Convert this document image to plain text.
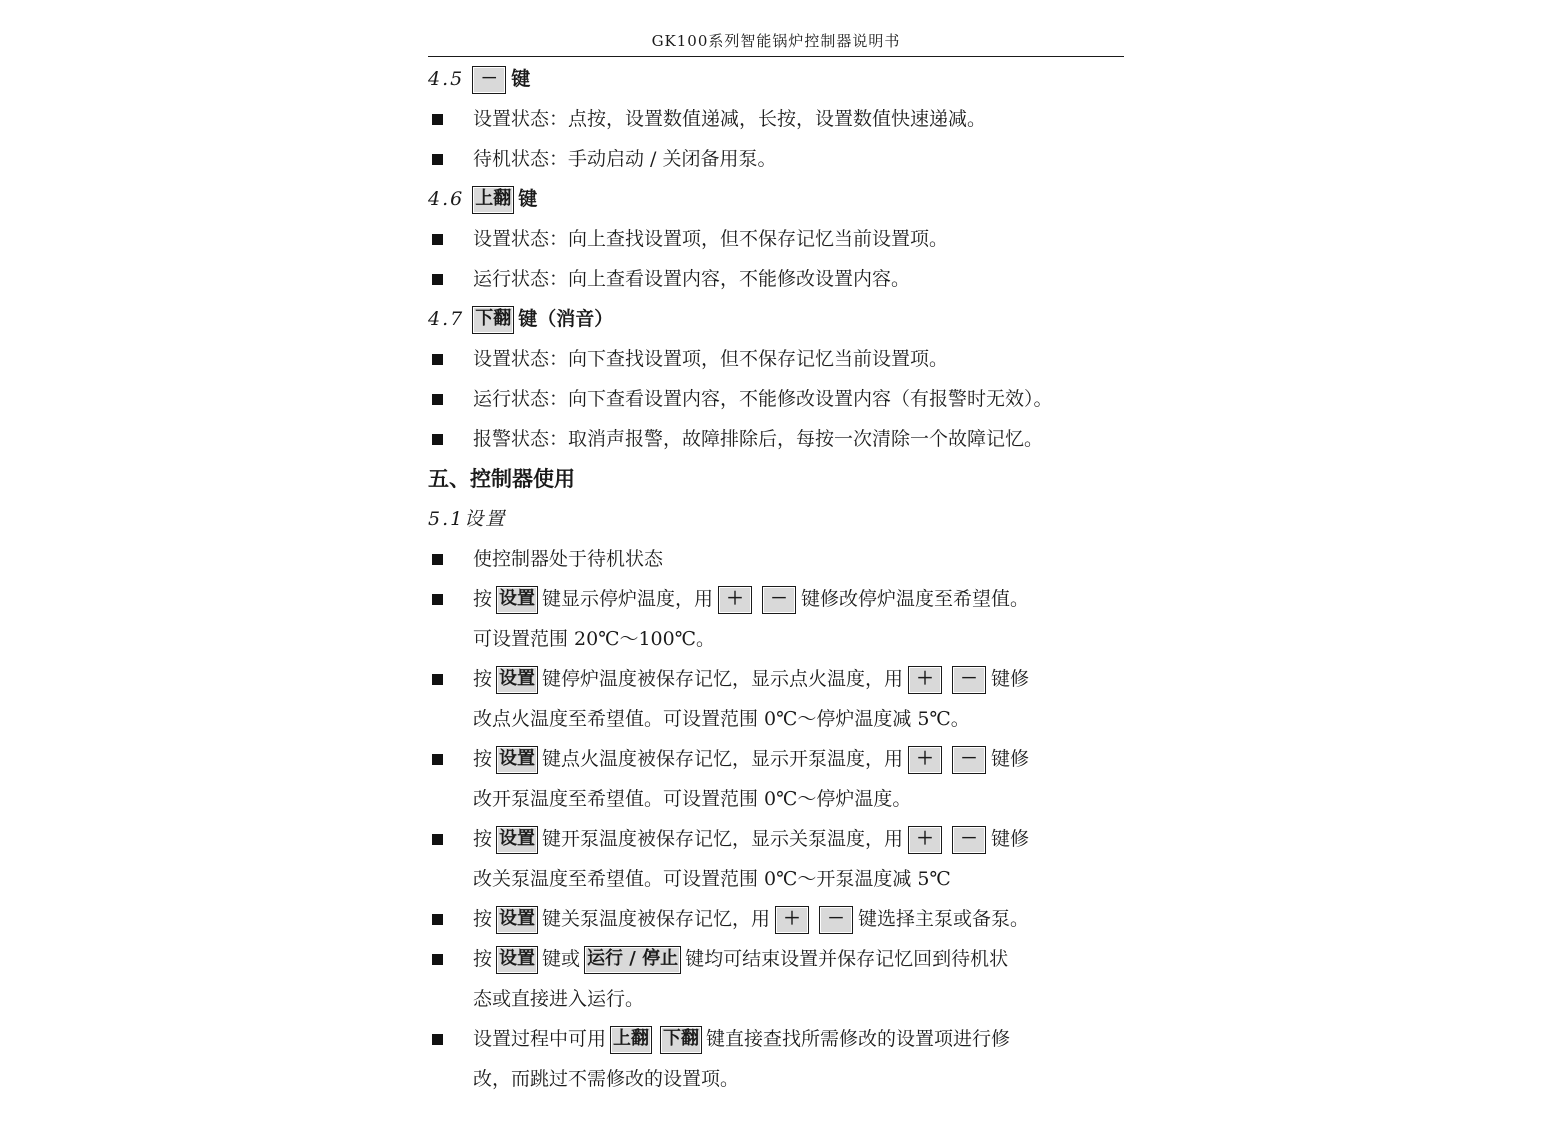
GK100系列智能锅炉控制器说明书
4.5 － 键
设置状态：点按，设置数值递减，长按，设置数值快速递减。
待机状态：手动启动 / 关闭备用泵。
4.6 上翻 键
设置状态：向上查找设置项，但不保存记忆当前设置项。
运行状态：向上查看设置内容，不能修改设置内容。
4.7 下翻 键（消音）
设置状态：向下查找设置项，但不保存记忆当前设置项。
运行状态：向下查看设置内容，不能修改设置内容（有报警时无效）。
报警状态：取消声报警，故障排除后，每按一次清除一个故障记忆。
五、控制器使用
5.1设置
使控制器处于待机状态
按 设置 键显示停炉温度，用 ＋ － 键修改停炉温度至希望值。
可设置范围 20℃～100℃。
按 设置 键停炉温度被保存记忆，显示点火温度，用 ＋ － 键修
改点火温度至希望值。可设置范围 0℃～停炉温度减 5℃。
按 设置 键点火温度被保存记忆，显示开泵温度，用 ＋ － 键修
改开泵温度至希望值。可设置范围 0℃～停炉温度。
按 设置 键开泵温度被保存记忆，显示关泵温度，用 ＋ － 键修
改关泵温度至希望值。可设置范围 0℃～开泵温度减 5℃
按 设置 键关泵温度被保存记忆，用 ＋ － 键选择主泵或备泵。
按 设置 键或 运行 / 停止 键均可结束设置并保存记忆回到待机状
态或直接进入运行。
设置过程中可用 上翻 下翻 键直接查找所需修改的设置项进行修
改，而跳过不需修改的设置项。
